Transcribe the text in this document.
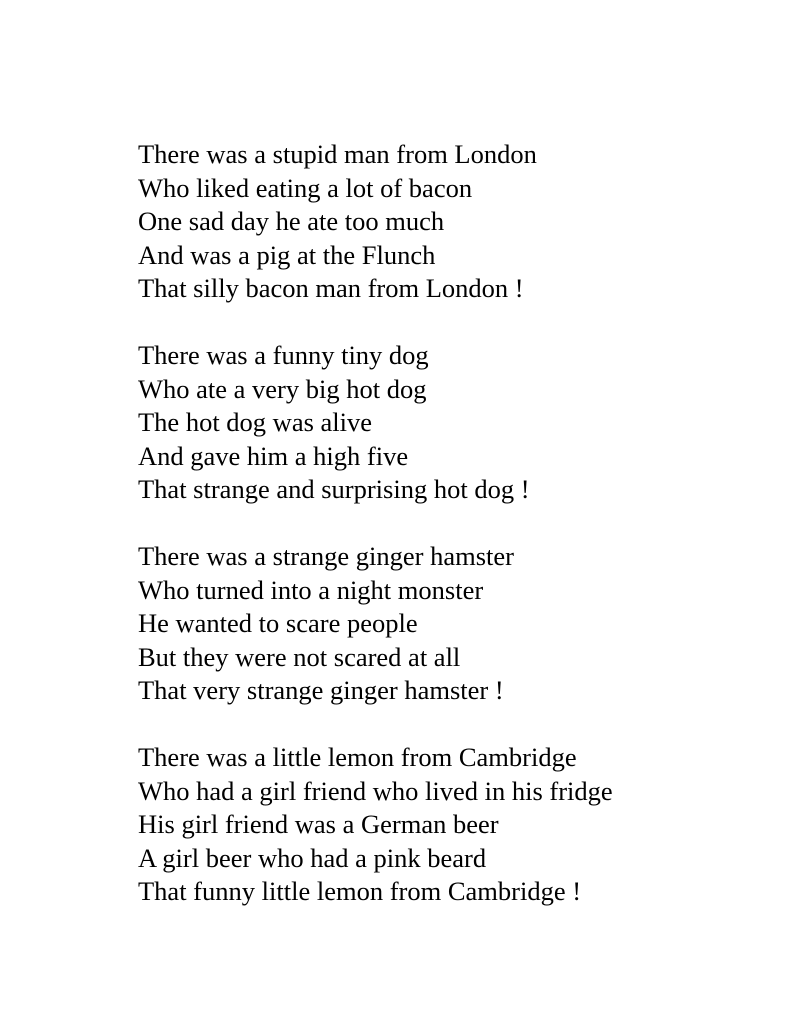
There was a stupid man from London
Who liked eating a lot of bacon
One sad day he ate too much
And was a pig at the Flunch
That silly bacon man from London !
There was a funny tiny dog
Who ate a very big hot dog
The hot dog was alive
And gave him a high five
That strange and surprising hot dog !
There was a strange ginger hamster
Who turned into a night monster
He wanted to scare people
But they were not scared at all
That very strange ginger hamster !
There was a little lemon from Cambridge
Who had a girl friend who lived in his fridge
His girl friend was a German beer
A girl beer who had a pink beard
That funny little lemon from Cambridge !
